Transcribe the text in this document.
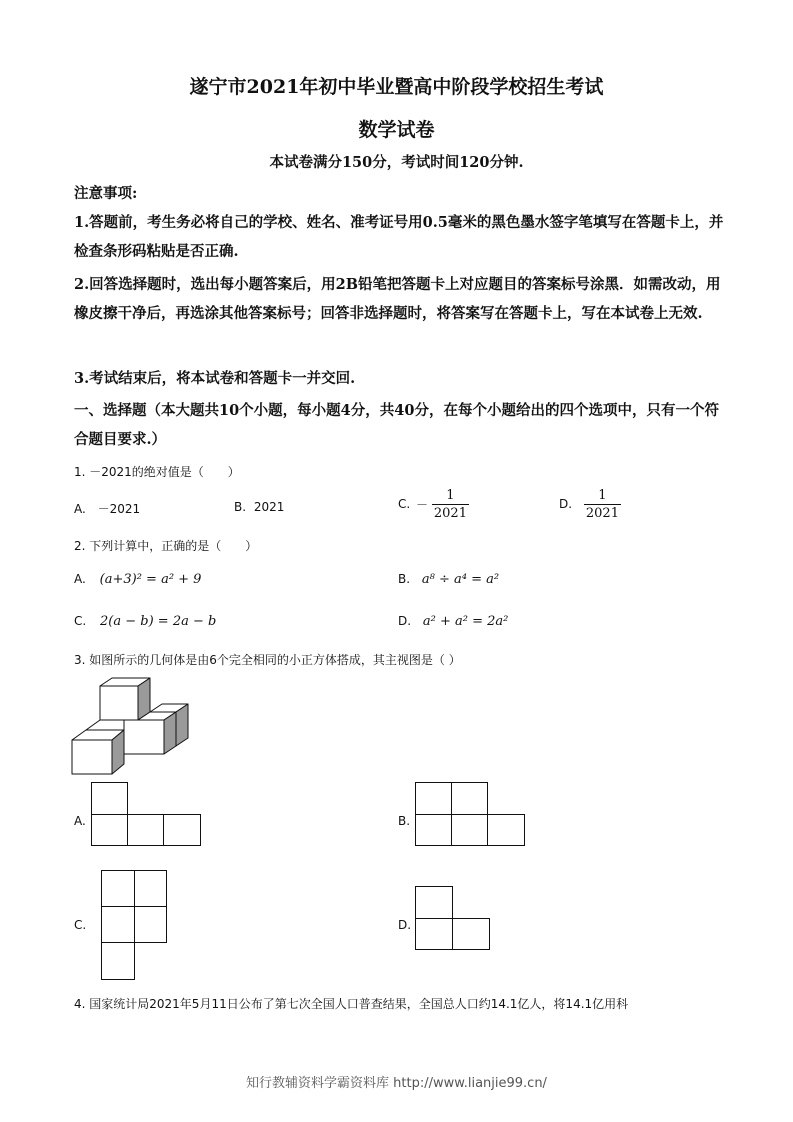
遂宁市2021年初中毕业暨高中阶段学校招生考试
数学试卷
本试卷满分150分，考试时间120分钟.
注意事项:
1.答题前，考生务必将自己的学校、姓名、准考证号用0.5毫米的黑色墨水签字笔填写在答题卡上，并检查条形码粘贴是否正确.
2.回答选择题时，选出每小题答案后，用2B铅笔把答题卡上对应题目的答案标号涂黑．如需改动，用橡皮擦干净后，再选涂其他答案标号；回答非选择题时，将答案写在答题卡上，写在本试卷上无效.
3.考试结束后，将本试卷和答题卡一并交回.
一、选择题（本大题共10个小题，每小题4分，共40分，在每个小题给出的四个选项中，只有一个符合题目要求.）
1. －2021的绝对值是（　　）
A. －2021	B. 2021	C. － $\frac{1}{2021}$	D. $\frac{1}{2021}$
2. 下列计算中，正确的是（　　）
A. (a+3)² = a² + 9	B. a⁸ ÷ a⁴ = a²
C. 2(a − b) = 2a − b	D. a² + a² = 2a²
3. 如图所示的几何体是由6个完全相同的小正方体搭成，其主视图是（ ）
A.	B.
C.	D.
4. 国家统计局2021年5月11日公布了第七次全国人口普查结果，全国总人口约14.1亿人，将14.1亿用科
知行教辅资料学霸资料库 http://www.lianjie99.cn/
